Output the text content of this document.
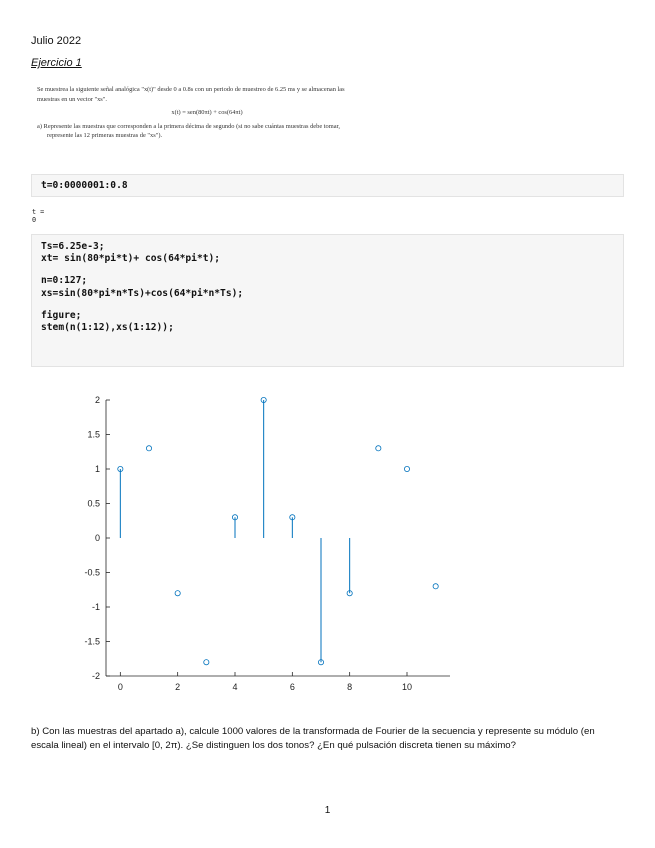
Julio 2022
Ejercicio 1
Se muestrea la siguiente señal analógica "x(t)" desde 0 a 0.8s con un periodo de muestreo de 6.25 ms y se almacenan las muestras en un vector "xs".
x(t) = sen(80πt) + cos(64πt)
a) Represente las muestras que corresponden a la primera décima de segundo (si no sabe cuántas muestras debe tomar, represente las 12 primeras muestras de "xs").
t=0:0000001:0.8
t =
0
Ts=6.25e-3;
xt= sin(80*pi*t)+ cos(64*pi*t);
n=0:127;
xs=sin(80*pi*n*Ts)+cos(64*pi*n*Ts);
figure;
stem(n(1:12),xs(1:12));
2
1.5
1
0.5
0
-0.5
-1
-1.5
-2
0	2	4	6	8	10
b) Con las muestras del apartado a), calcule 1000 valores de la transformada de Fourier de la secuencia y represente su módulo (en escala lineal) en el intervalo [0, 2π). ¿Se distinguen los dos tonos? ¿En qué pulsación discreta tienen su máximo?
1
